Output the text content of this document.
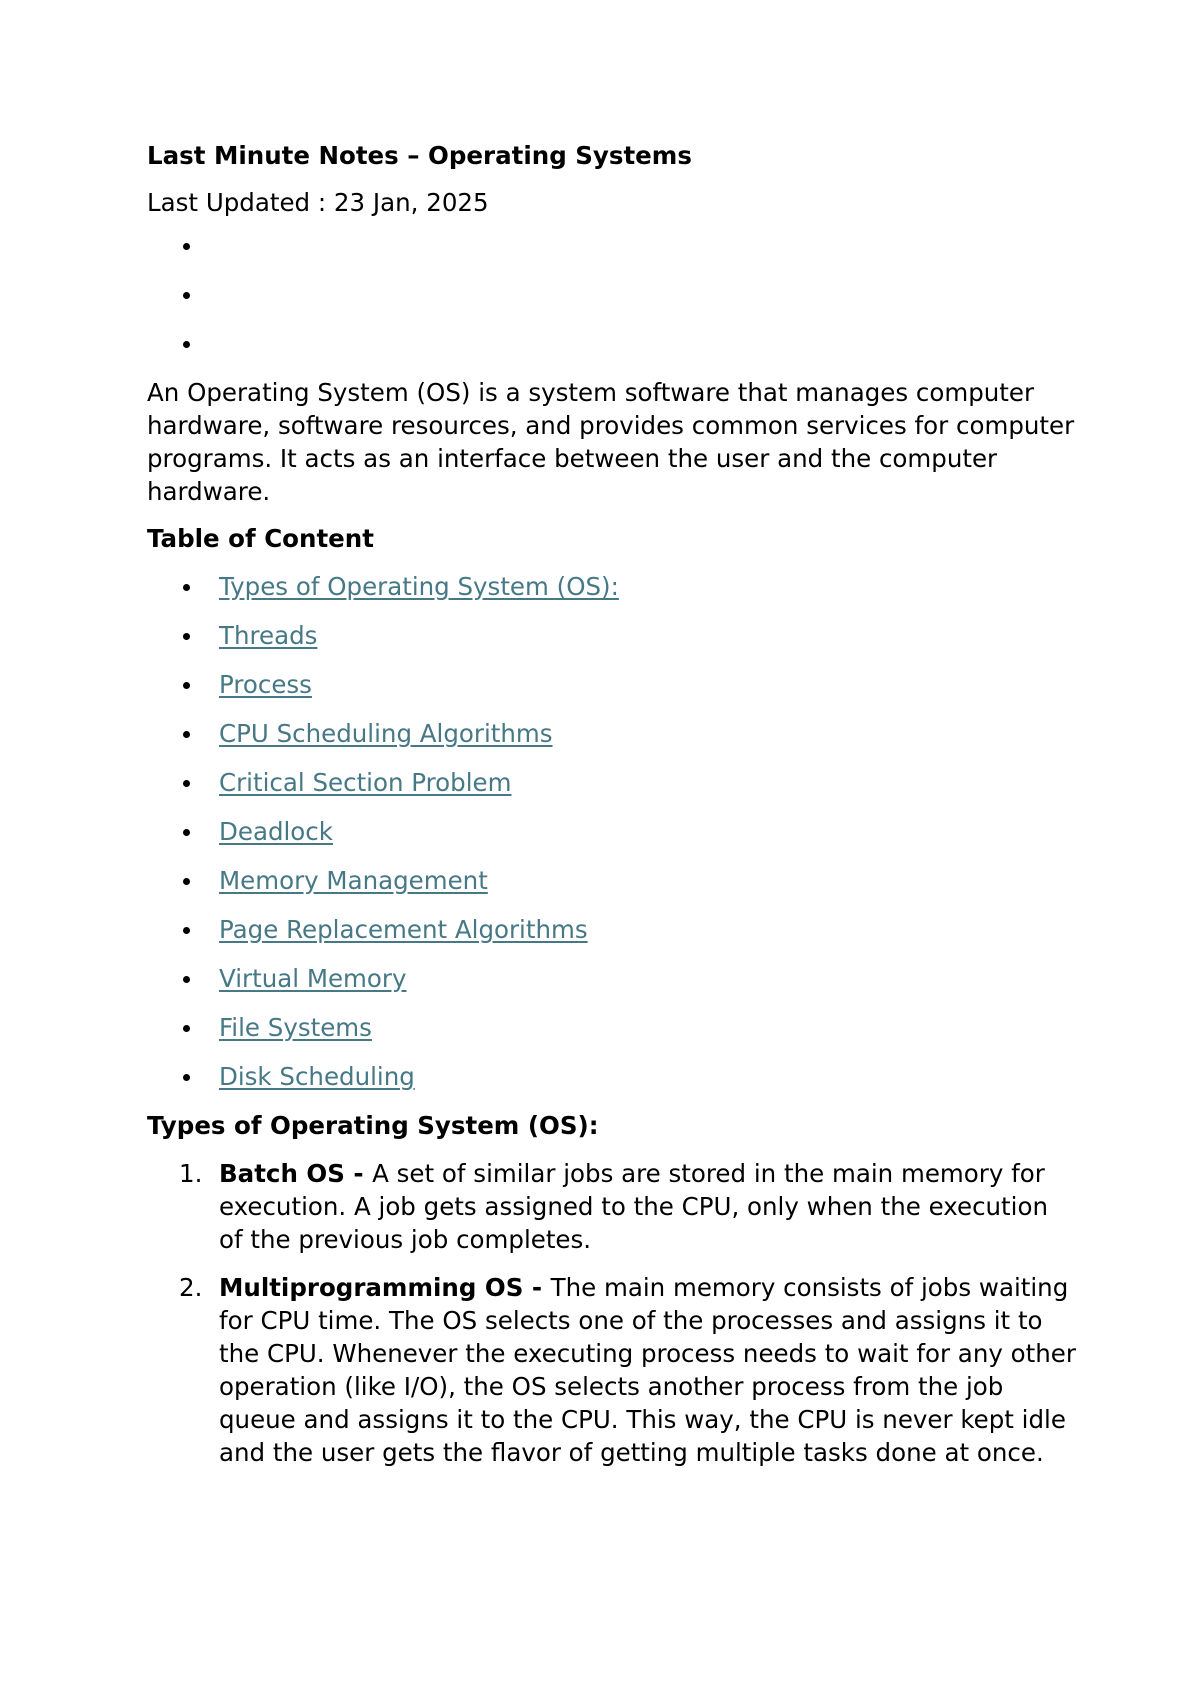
Last Minute Notes – Operating Systems
Last Updated : 23 Jan, 2025
An Operating System (OS) is a system software that manages computer hardware, software resources, and provides common services for computer programs. It acts as an interface between the user and the computer hardware.
Table of Content
Types of Operating System (OS):
Threads
Process
CPU Scheduling Algorithms
Critical Section Problem
Deadlock
Memory Management
Page Replacement Algorithms
Virtual Memory
File Systems
Disk Scheduling
Types of Operating System (OS):
1. Batch OS - A set of similar jobs are stored in the main memory for execution. A job gets assigned to the CPU, only when the execution of the previous job completes.
2. Multiprogramming OS - The main memory consists of jobs waiting for CPU time. The OS selects one of the processes and assigns it to the CPU. Whenever the executing process needs to wait for any other operation (like I/O), the OS selects another process from the job queue and assigns it to the CPU. This way, the CPU is never kept idle and the user gets the flavor of getting multiple tasks done at once.
